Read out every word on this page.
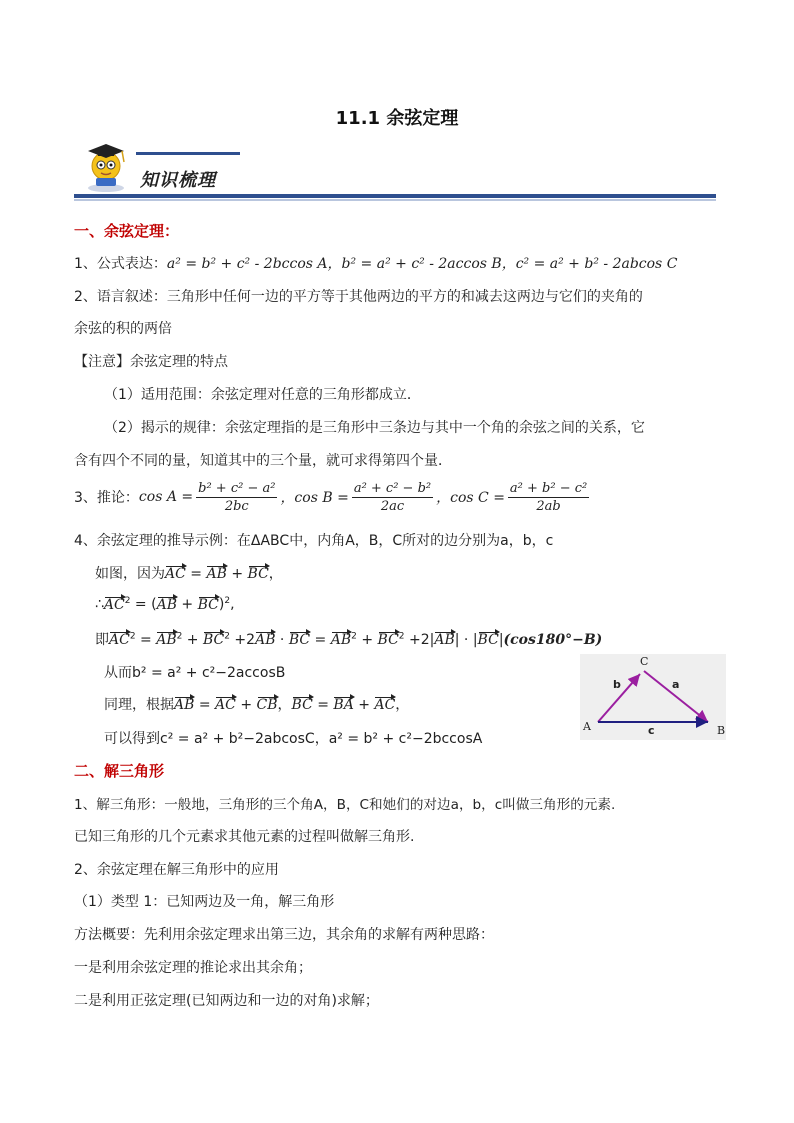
11.1 余弦定理
知识梳理
一、余弦定理：
1、公式表达：a² = b² + c² - 2bccos A，b² = a² + c² - 2accos B，c² = a² + b² - 2abcos C
2、语言叙述：三角形中任何一边的平方等于其他两边的平方的和减去这两边与它们的夹角的
余弦的积的两倍
【注意】余弦定理的特点
（1）适用范围：余弦定理对任意的三角形都成立．
（2）揭示的规律：余弦定理指的是三角形中三条边与其中一个角的余弦之间的关系，它
含有四个不同的量，知道其中的三个量，就可求得第四个量．
3、推论： $\cos A = \frac{\text{b² + c² − a²}}{2bc}$ ，$\cos B = \frac{\text{a² + c² − b²}}{2ac}$ ，$\cos C = \frac{\text{a² + b² − c²}}{2ab}$
4、余弦定理的推导示例：在ΔABC中，内角A，B，C所对的边分别为a，b，c
如图，因为AC = AB + BC，
$\therefore AC^2 = (AB + BC)^2$,
即$AC^2 = AB^2 + BC^2 +2AB$ · BC = $AB^2 + BC^2 +2|AB| \cdot |BC|(\cos 180^\circ-B)$
从而b² = a² + c²−2accosB
同理，根据AB = AC + CB，BC = BA + AC，
可以得到c² = a² + b²−2abcosC，a² = b² + c²−2bccosA
A	B
C
a
b
c
二、解三角形
1、解三角形：一般地，三角形的三个角A，B，C和她们的对边a，b，c叫做三角形的元素.
已知三角形的几个元素求其他元素的过程叫做解三角形.
2、余弦定理在解三角形中的应用
（1）类型 1：已知两边及一角，解三角形
方法概要：先利用余弦定理求出第三边，其余角的求解有两种思路：
一是利用余弦定理的推论求出其余角；
二是利用正弦定理(已知两边和一边的对角)求解；
